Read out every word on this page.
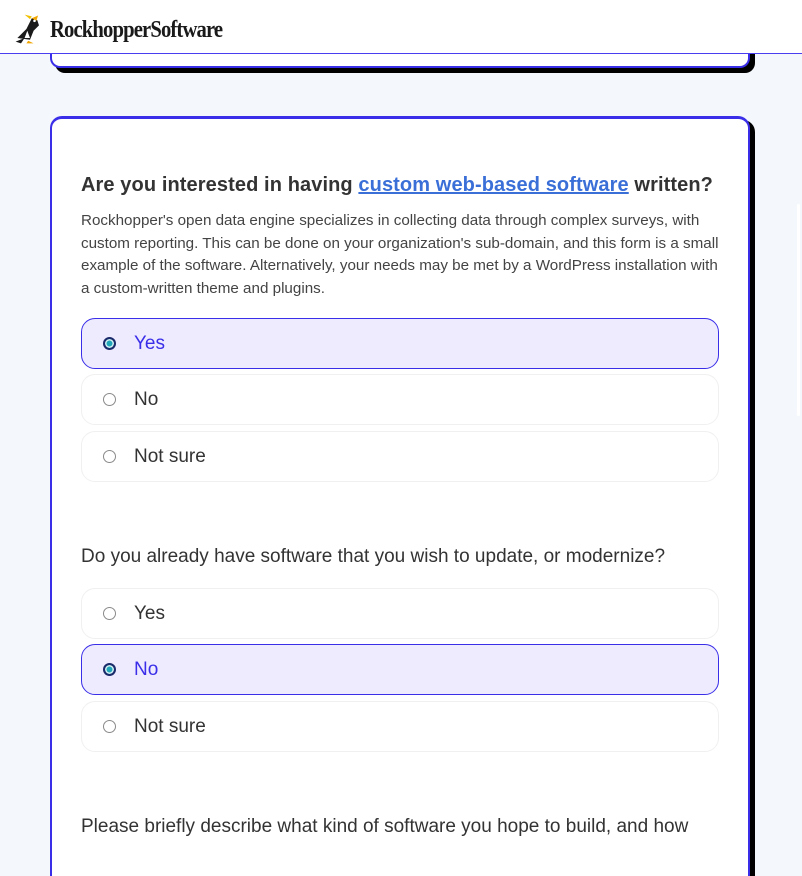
RockhopperSoftware
Are you interested in having custom web-based software written?

Rockhopper's open data engine specializes in collecting data through complex surveys, with custom reporting. This can be done on your organization's sub-domain, and this form is a small example of the software. Alternatively, your needs may be met by a WordPress installation with a custom-written theme and plugins.

Yes
No
Not sure
Do you already have software that you wish to update, or modernize?
Yes
No
Not sure
Please briefly describe what kind of software you hope to build, and how
